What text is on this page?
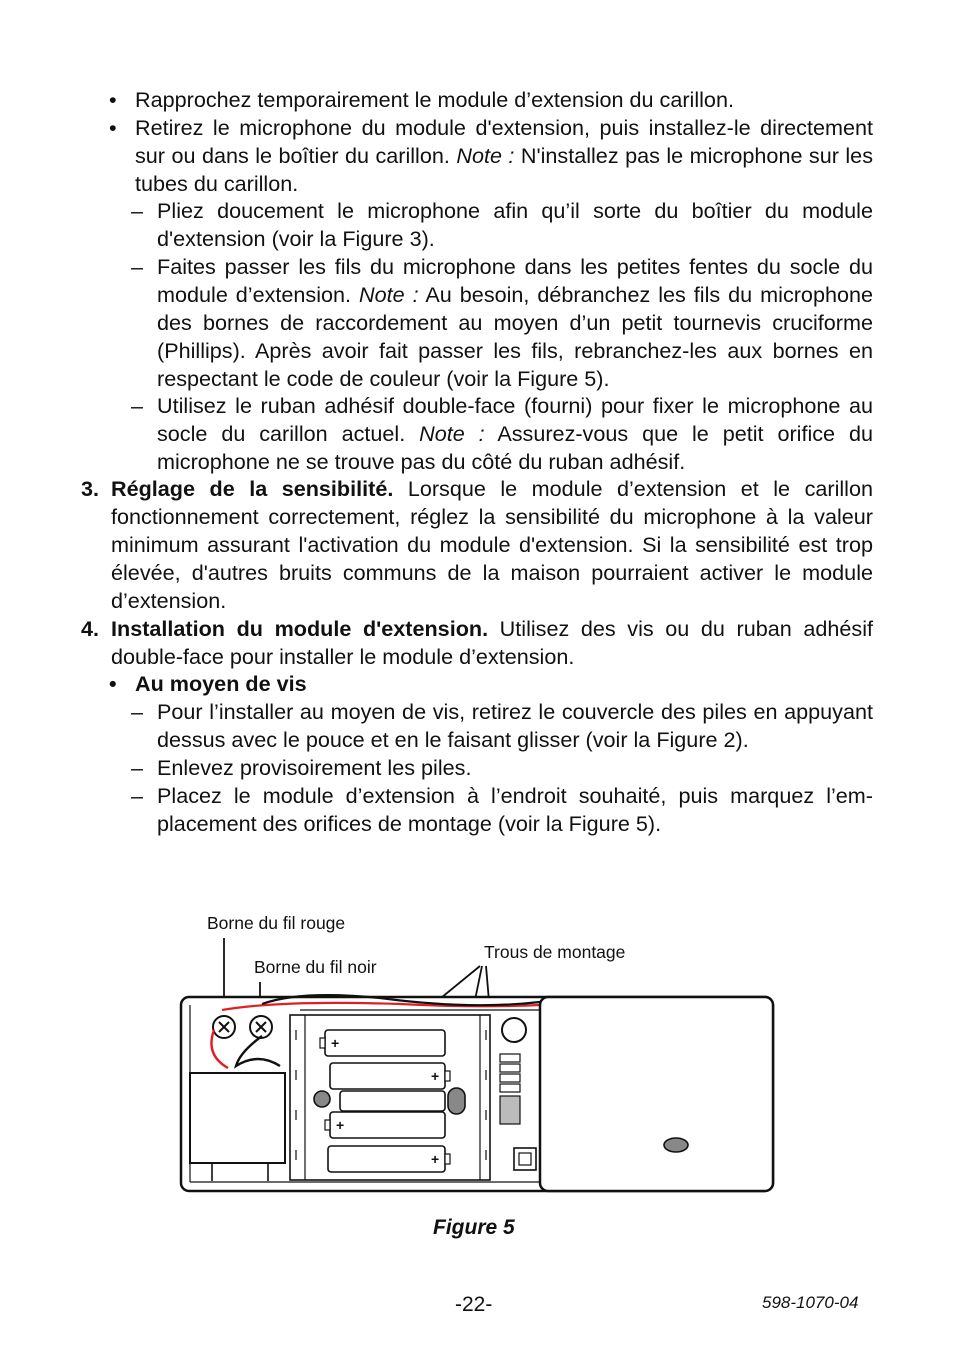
• Rapprochez temporairement le module d’extension du carillon.
• Retirez le microphone du module d'extension, puis installez-le directement sur ou dans le boîtier du carillon. Note : N'installez pas le microphone sur les tubes du carillon.
– Pliez doucement le microphone afin qu’il sorte du boîtier du module d'extension (voir la Figure 3).
– Faites passer les fils du microphone dans les petites fentes du socle du module d’extension. Note : Au besoin, débranchez les fils du microphone des bornes de raccordement au moyen d’un petit tournevis cruciforme (Phillips). Après avoir fait passer les fils, rebranchez-les aux bornes en respectant le code de couleur (voir la Figure 5).
– Utilisez le ruban adhésif double-face (fourni) pour fixer le microphone au socle du carillon actuel. Note : Assurez-vous que le petit orifice du microphone ne se trouve pas du côté du ruban adhésif.
3. Réglage de la sensibilité. Lorsque le module d’extension et le carillon fonctionnement correctement, réglez la sensibilité du microphone à la valeur minimum assurant l'activation du module d'extension. Si la sensibilité est trop élevée, d'autres bruits communs de la maison pourraient activer le module d’extension.
4. Installation du module d'extension. Utilisez des vis ou du ruban adhésif double-face pour installer le module d’extension.
• Au moyen de vis
– Pour l’installer au moyen de vis, retirez le couvercle des piles en appuyant dessus avec le pouce et en le faisant glisser (voir la Figure 2).
– Enlevez provisoirement les piles.
– Placez le module d’extension à l’endroit souhaité, puis marquez l’emplacement des orifices de montage (voir la Figure 5).
+
+
+
+
Borne du fil rouge
Borne du fil noir
Trous de montage
Figure 5
-22-	598-1070-04
